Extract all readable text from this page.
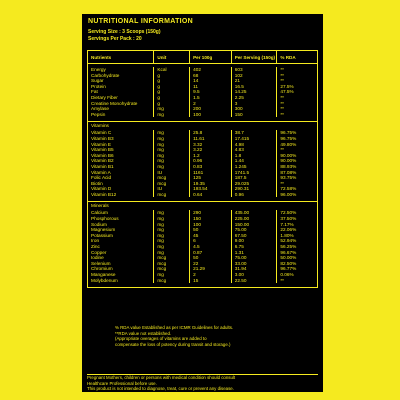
NUTRITIONAL INFORMATION
Serving Size : 3 Scoops (150g)
Servings Per Pack : 20
Nutrients	Unit	Per 100g	Per Serving (150g)	% RDA
Energy	Kcal	402	603	**
Carbohydrate	g	68	102	**
Sugar	g	14	21	**
Protein	g	11	16.5	27.5%
Fat	g	9.5	14.25	47.5%
Dietary Fiber	g	1.5	2.25	**
Creatine Monohydrate	g	2	3	**
Amylase	mg	200	300	**
Pepsin	mg	100	150	**
Vitamins
Vitamin C	mg	25.8	38.7	96.75%
Vitamin B3	mg	11.61	17.415	96.75%
Vitamin E	mg	3.32	4.98	49.80%
Vitamin B5	mg	3.22	4.83	**
Vitamin B6	mg	1.2	1.8	90.00%
Vitamin B2	mg	0.96	1.44	90.00%
Vitamin B1	mg	0.83	1.245	88.93%
Vitamin A	IU	1161	1741.5	87.08%
Folic Acid	mcg	125	187.5	93.75%
Biotin	mcg	19.35	29.025	**
Vitamin D	IU	193.54	290.31	72.58%
Vitamin B12	mcg	0.64	0.96	96.00%
Minerals
Calcium	mg	290	435.00	72.50%
Phosphorous	mg	150	225.00	37.50%
Sodium	mg	100	150.00	7.17%
Magnesium	mg	50	75.00	22.06%
Potassium	mg	45	67.50	1.80%
Iron	mg	6	9.00	52.94%
Zinc	mg	4.5	6.75	56.25%
Copper	mg	0.87	1.31	96.67%
Iodine	mcg	50	75.00	50.00%
Selenium	mcg	22	33.00	82.50%
Chromium	mcg	21.29	31.94	96.77%
Manganese	mg	2	3.00	0.06%
Molybdenum	mcg	15	22.50	**
% RDA value Established as per ICMR Guidelines for adults.
**RDA value not established.
(Appropriate overages of vitamins are added to
compensate the loss of potency during transit and storage.)
Pregnant Mothers, children or persons with medical condition should consult
Healthcare Professional before use.
This product is not intended to diagnose, treat, cure or prevent any disease.
